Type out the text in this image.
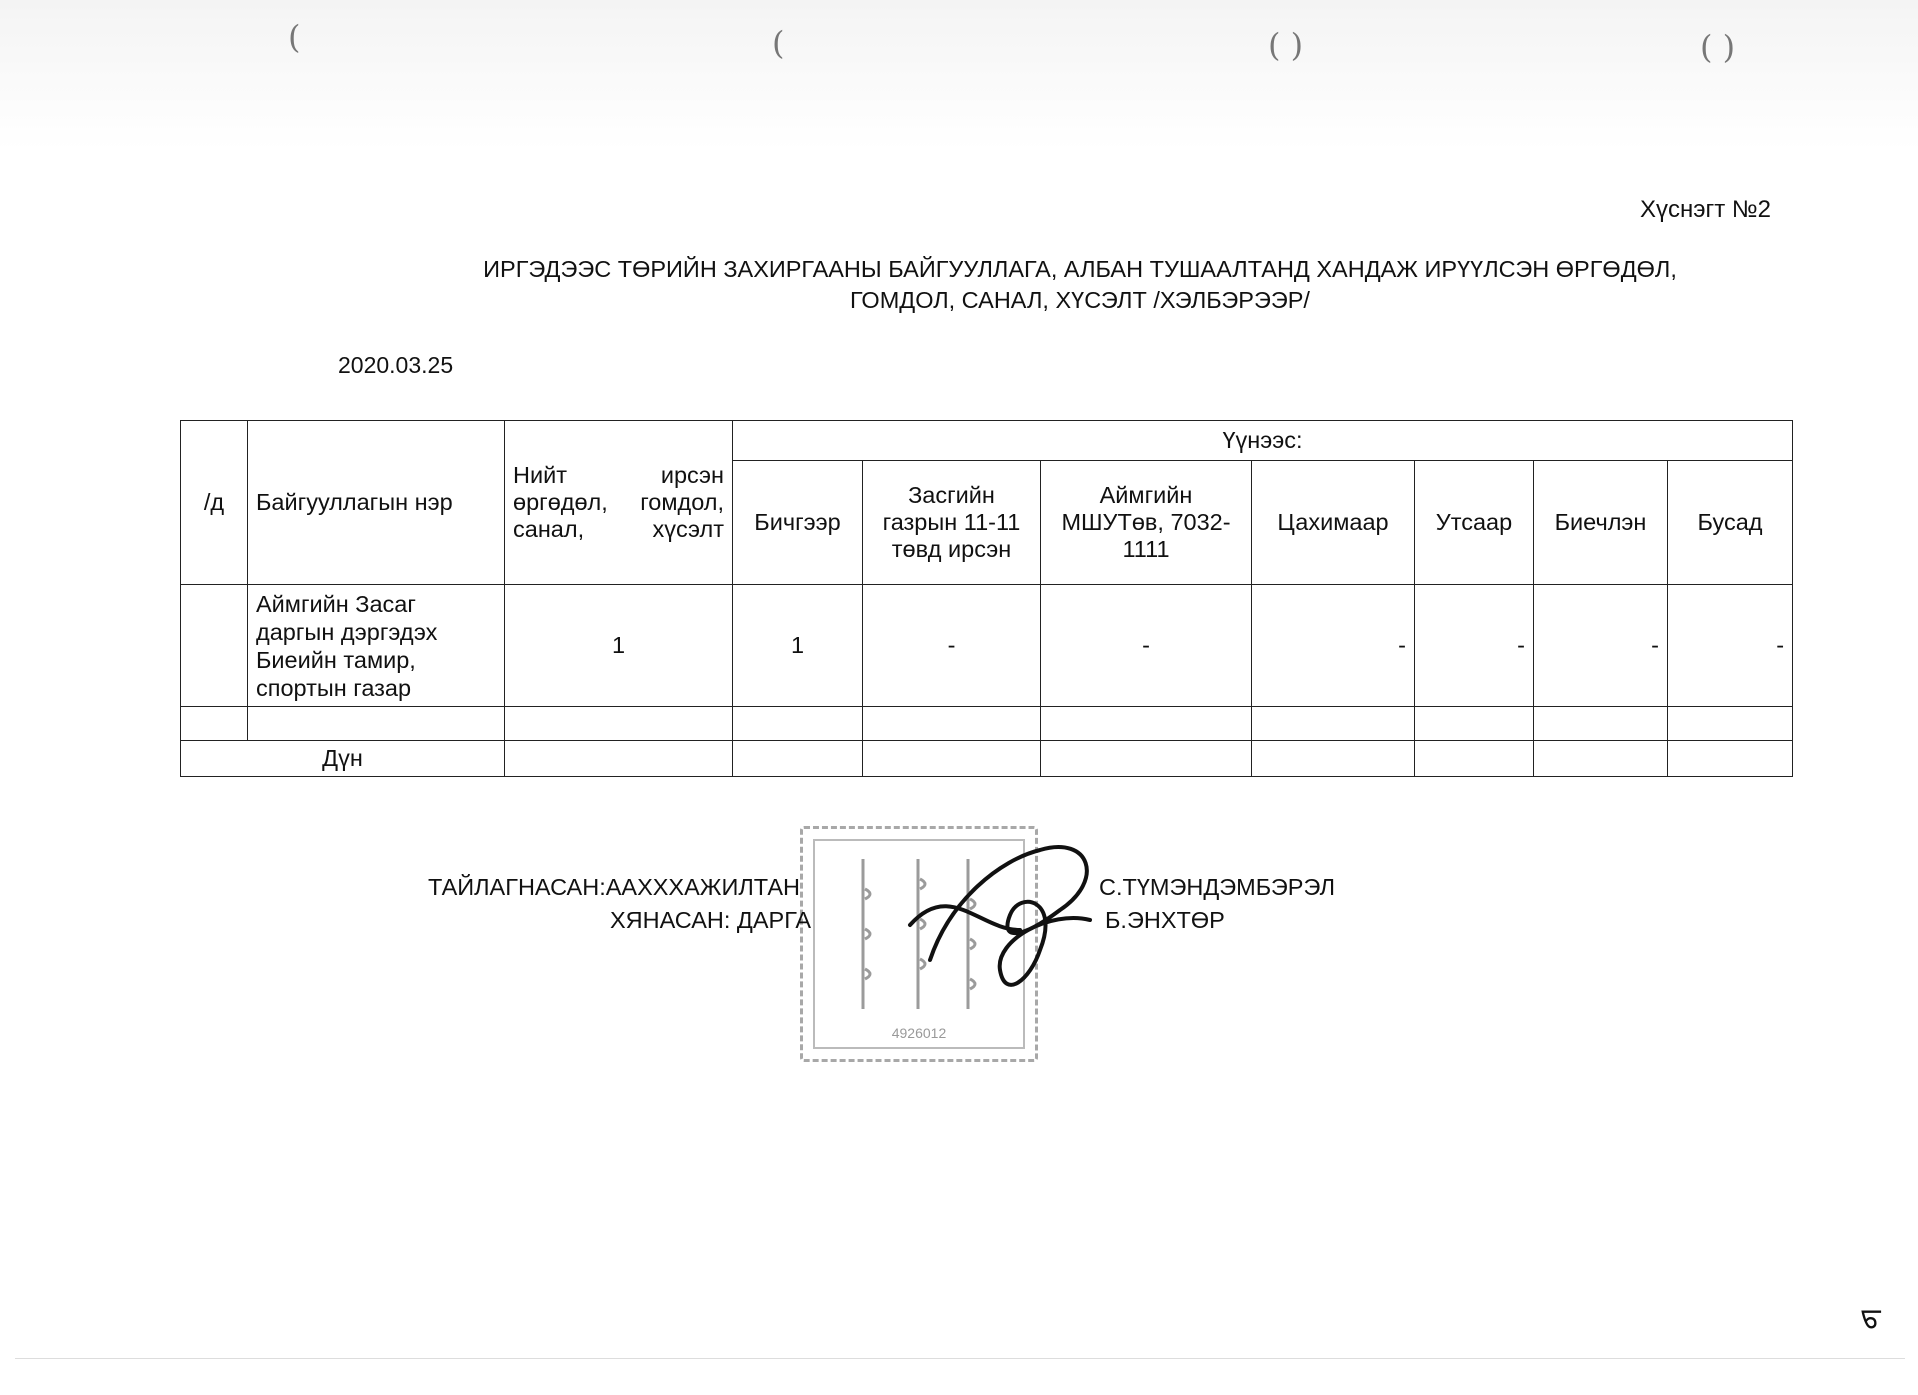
(	(	( )	( )
Хүснэгт №2
ИРГЭДЭЭС ТӨРИЙН ЗАХИРГААНЫ БАЙГУУЛЛАГА, АЛБАН ТУШААЛТАНД ХАНДАЖ ИРҮҮЛСЭН ӨРГӨДӨЛ,
ГОМДОЛ, САНАЛ, ХҮСЭЛТ /ХЭЛБЭРЭЭР/
2020.03.25
/д	Байгууллагын нэр	Нийт ирсэн өргөдөл, гомдол, санал, хүсэлт	Үүнээс:						
			Бичгээр	Засгийн газрын 11-11 төвд ирсэн	Аймгийн МШУТөв, 7032-1111	Цахимаар	Утсаар	Биечлэн	Бусад
	Аймгийн Засаг даргын дэргэдэх Биеийн тамир, спортын газар	1	1	-	-	-	-	-	-

Дүн									
4926012
ТАЙЛАГНАСАН:АAXXXАЖИЛТАН	С.ТҮМЭНДЭМБЭРЭЛ
ХЯНАСАН: ДАРГА	Б.ЭНХТӨР
ᠳ
